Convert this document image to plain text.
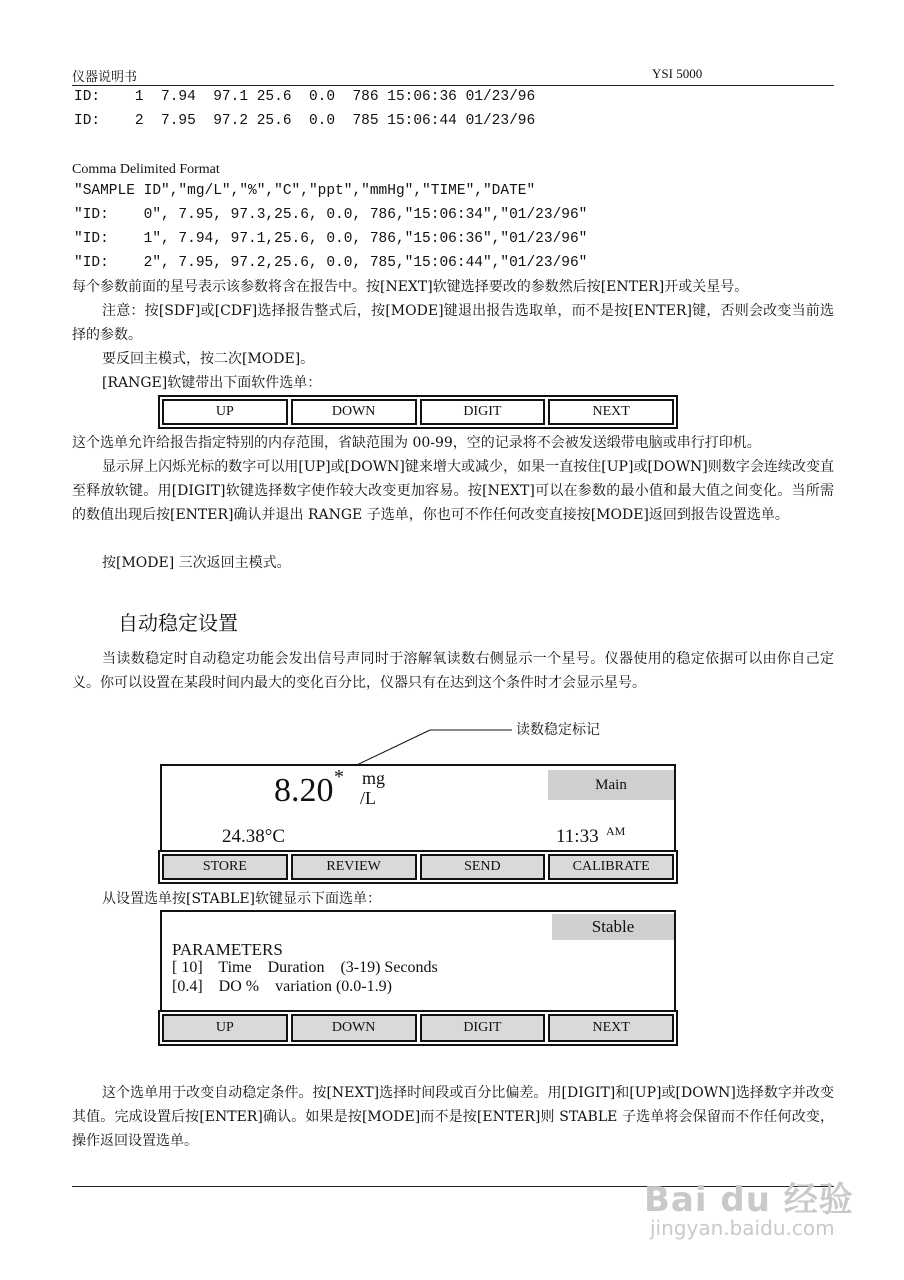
仪器说明书	YSI 5000
ID:    1  7.94  97.1 25.6  0.0  786 15:06:36 01/23/96
ID:    2  7.95  97.2 25.6  0.0  785 15:06:44 01/23/96
Comma Delimited Format
"SAMPLE ID","mg/L","%","C","ppt","mmHg","TIME","DATE"
"ID:    0", 7.95, 97.3,25.6, 0.0, 786,"15:06:34","01/23/96"
"ID:    1", 7.94, 97.1,25.6, 0.0, 786,"15:06:36","01/23/96"
"ID:    2", 7.95, 97.2,25.6, 0.0, 785,"15:06:44","01/23/96"
每个参数前面的星号表示该参数将含在报告中。按[NEXT]软键选择要改的参数然后按[ENTER]开或关星号。
注意：按[SDF]或[CDF]选择报告整式后，按[MODE]键退出报告选取单，而不是按[ENTER]键，否则会改变当前选择的参数。
要反回主模式，按二次[MODE]。
[RANGE]软键带出下面软件选单：
UP	DOWN	DIGIT	NEXT
这个选单允许给报告指定特别的内存范围，省缺范围为 00-99，空的记录将不会被发送缎带电脑或串行打印机。
显示屏上闪烁光标的数字可以用[UP]或[DOWN]键来增大或减少，如果一直按住[UP]或[DOWN]则数字会连续改变直至释放软键。用[DIGIT]软键选择数字使作较大改变更加容易。按[NEXT]可以在参数的最小值和最大值之间变化。当所需的数值出现后按[ENTER]确认并退出 RANGE 子选单，你也可不作任何改变直接按[MODE]返回到报告设置选单。
按[MODE] 三次返回主模式。
自动稳定设置
当读数稳定时自动稳定功能会发出信号声同时于溶解氧读数右侧显示一个星号。仪器使用的稳定依据可以由你自己定义。你可以设置在某段时间内最大的变化百分比，仪器只有在达到这个条件时才会显示星号。
读数稳定标记
8.20 * mg
/L
Main
24.38°C	11:33 AM
STORE	REVIEW	SEND	CALIBRATE
从设置选单按[STABLE]软键显示下面选单：
Stable
PARAMETERS
[ 10]    Time    Duration    (3-19) Seconds
[0.4]    DO %    variation (0.0-1.9)
UP	DOWN	DIGIT	NEXT
这个选单用于改变自动稳定条件。按[NEXT]选择时间段或百分比偏差。用[DIGIT]和[UP]或[DOWN]选择数字并改变其值。完成设置后按[ENTER]确认。如果是按[MODE]而不是按[ENTER]则 STABLE 子选单将会保留而不作任何改变，操作返回设置选单。
Bai du 经验
jingyan.baidu.com
